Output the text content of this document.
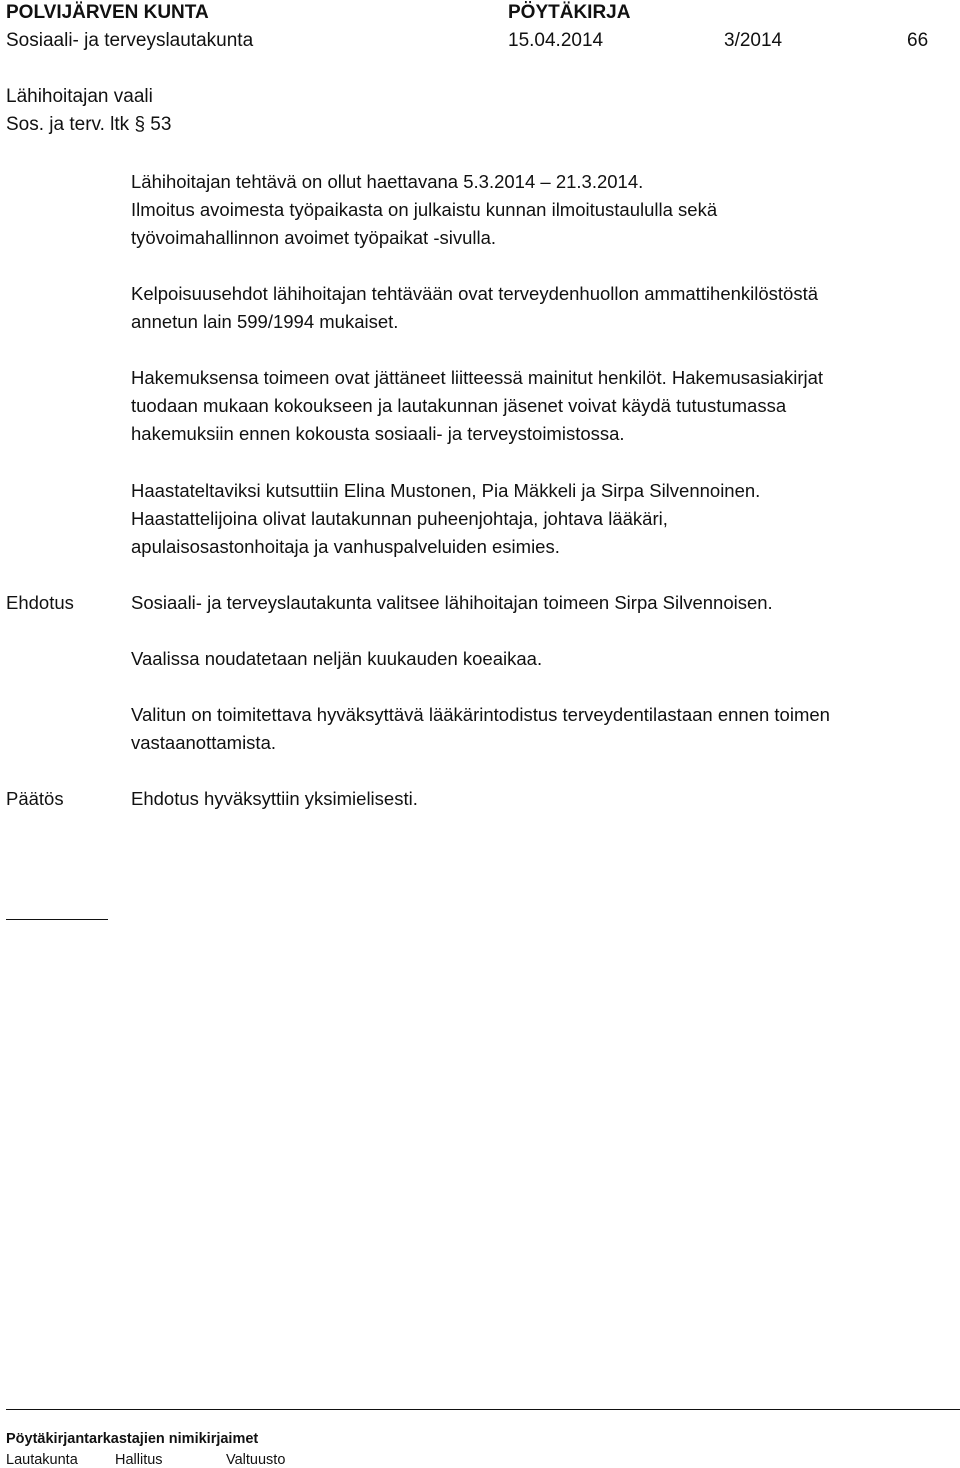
POLVIJÄRVEN KUNTA	PÖYTÄKIRJA
Sosiaali- ja terveyslautakunta	15.04.2014	3/2014	66
Lähihoitajan vaali
Sos. ja terv. ltk § 53
Lähihoitajan tehtävä on ollut haettavana 5.3.2014 – 21.3.2014.
Ilmoitus avoimesta työpaikasta on julkaistu kunnan ilmoitustaululla sekä
työvoimahallinnon avoimet työpaikat -sivulla.
Kelpoisuusehdot lähihoitajan tehtävään ovat terveydenhuollon ammattihenkilöstöstä
annetun lain 599/1994 mukaiset.
Hakemuksensa toimeen ovat jättäneet liitteessä mainitut henkilöt. Hakemusasiakirjat
tuodaan mukaan kokoukseen ja lautakunnan jäsenet voivat käydä tutustumassa
hakemuksiin ennen kokousta sosiaali- ja terveystoimistossa.
Haastateltaviksi kutsuttiin Elina Mustonen, Pia Mäkkeli ja Sirpa Silvennoinen.
Haastattelijoina olivat lautakunnan puheenjohtaja, johtava lääkäri,
apulaisosastonhoitaja ja vanhuspalveluiden esimies.
Ehdotus	Sosiaali- ja terveyslautakunta valitsee lähihoitajan toimeen Sirpa Silvennoisen.
Vaalissa noudatetaan neljän kuukauden koeaikaa.
Valitun on toimitettava hyväksyttävä lääkärintodistus terveydentilastaan ennen toimen
vastaanottamista.
Päätös	Ehdotus hyväksyttiin yksimielisesti.
Pöytäkirjantarkastajien nimikirjaimet
Lautakunta	Hallitus	Valtuusto
